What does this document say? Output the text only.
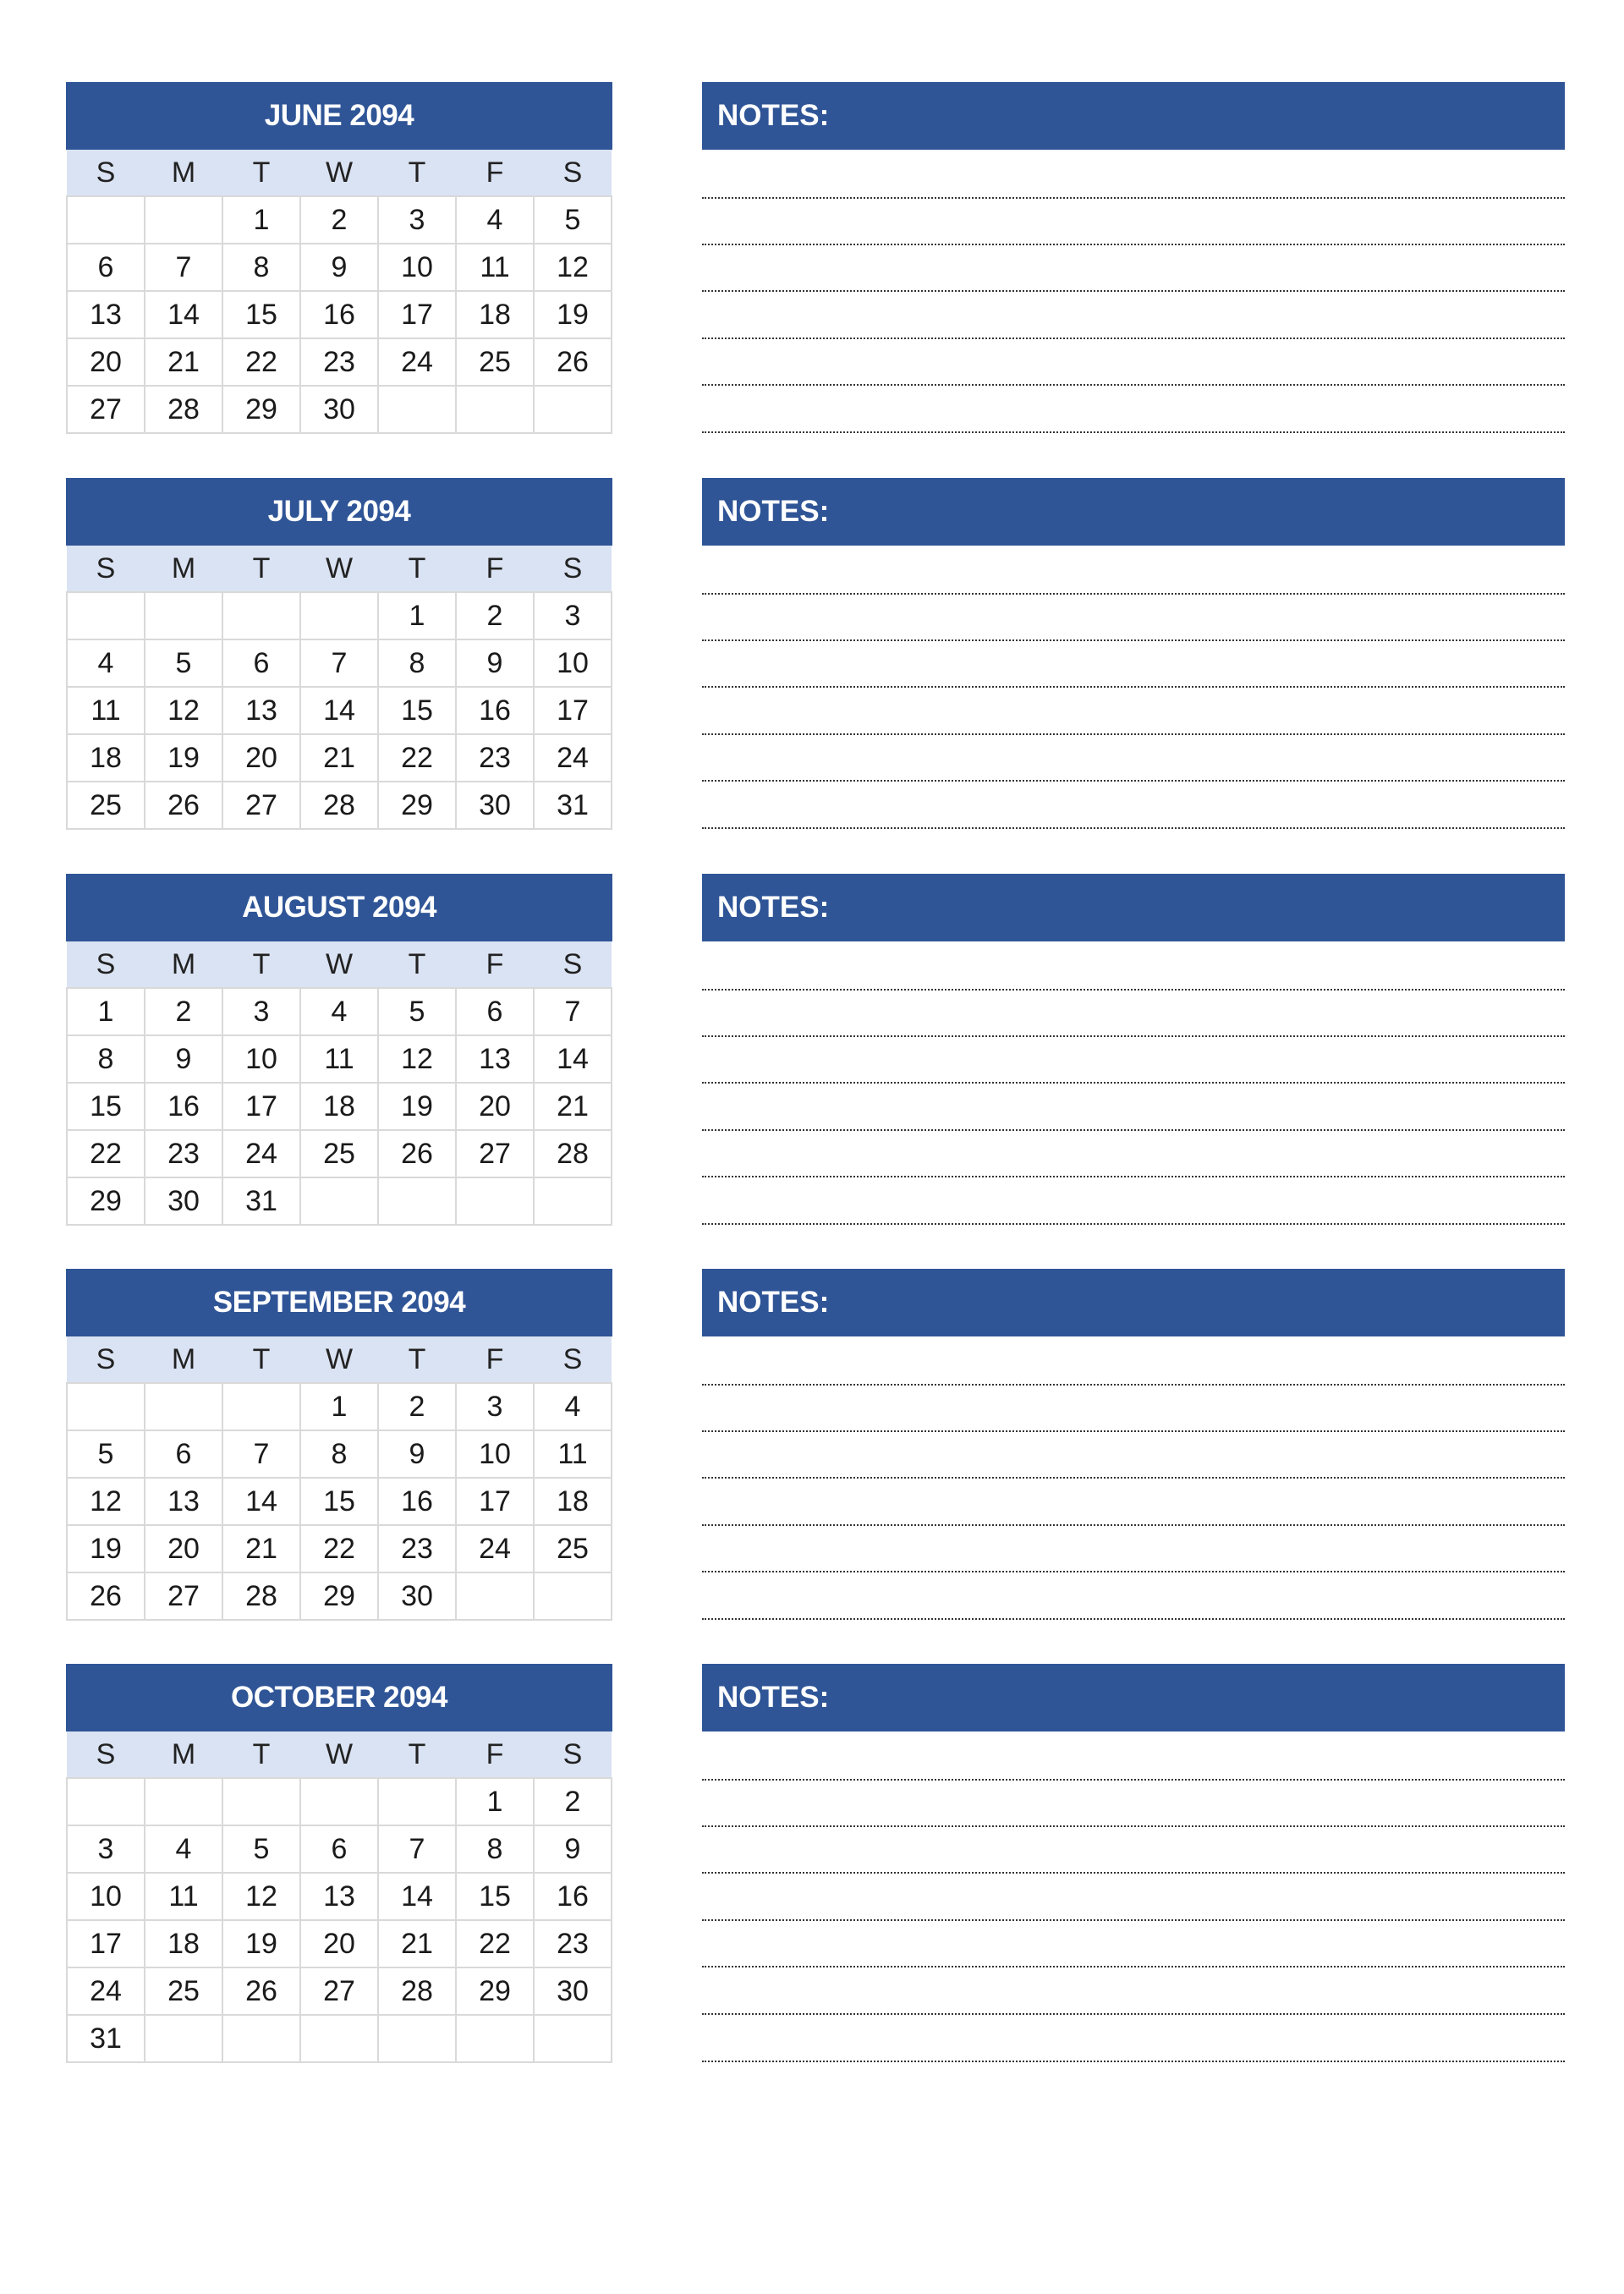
JUNE 2094
S	M	T	W	T	F	S
		1	2	3	4	5
6	7	8	9	10	11	12
13	14	15	16	17	18	19
20	21	22	23	24	25	26
27	28	29	30			
NOTES:
JULY 2094
S	M	T	W	T	F	S
				1	2	3
4	5	6	7	8	9	10
11	12	13	14	15	16	17
18	19	20	21	22	23	24
25	26	27	28	29	30	31
NOTES:
AUGUST 2094
S	M	T	W	T	F	S
1	2	3	4	5	6	7
8	9	10	11	12	13	14
15	16	17	18	19	20	21
22	23	24	25	26	27	28
29	30	31				
NOTES:
SEPTEMBER 2094
S	M	T	W	T	F	S
			1	2	3	4
5	6	7	8	9	10	11
12	13	14	15	16	17	18
19	20	21	22	23	24	25
26	27	28	29	30		
NOTES:
OCTOBER 2094
S	M	T	W	T	F	S
					1	2
3	4	5	6	7	8	9
10	11	12	13	14	15	16
17	18	19	20	21	22	23
24	25	26	27	28	29	30
31						
NOTES:
